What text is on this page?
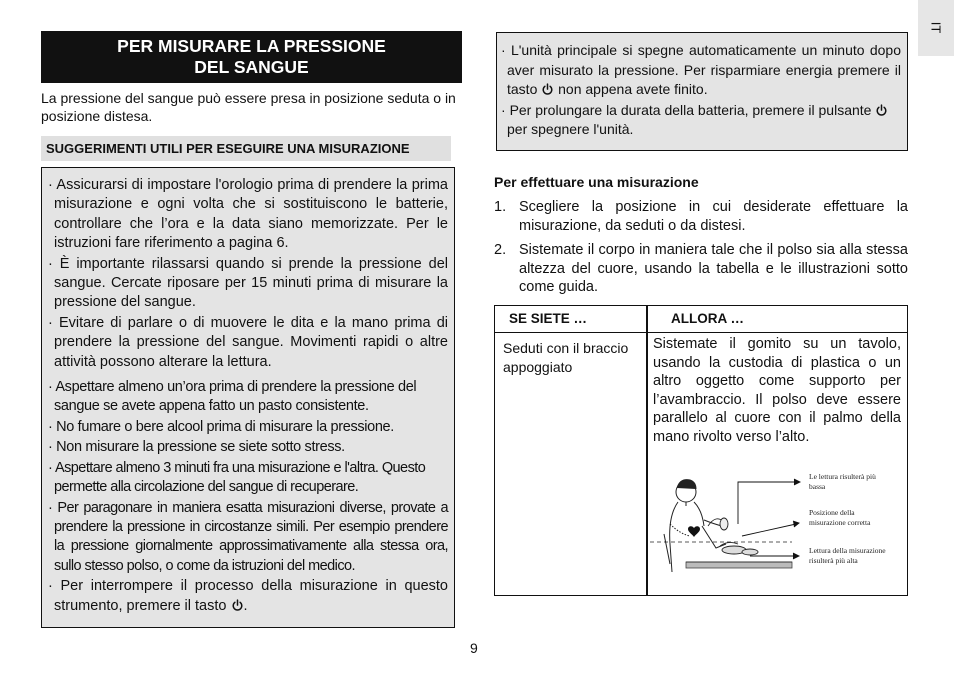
IT
PER MISURARE LA PRESSIONE
DEL SANGUE
La pressione del sangue può essere presa in posizione seduta o in posizione distesa.
SUGGERIMENTI UTILI PER ESEGUIRE UNA MISURAZIONE

· Assicurarsi di impostare l'orologio prima di prendere la prima misurazione e ogni volta che si sostituiscono le batterie, controllare che l’ora e la data siano memorizzate. Per le istruzioni fare riferimento a pagina 6.

· È importante rilassarsi quando si prende la pressione del sangue. Cercate riposare per 15 minuti prima di misurare la pressione del sangue.

· Evitare di parlare o di muovere le dita e la mano prima di prendere la pressione del sangue. Movimenti rapidi o altre attività possono alterare la lettura.

· Aspettare almeno un’ora prima di prendere la pressione del sangue se avete appena fatto un pasto consistente.

· No fumare o bere alcool prima di misurare la pressione.

· Non misurare la pressione se siete sotto stress.

· Aspettare almeno 3 minuti fra una misurazione e l'altra. Questo permette alla circolazione del sangue di recuperare.

· Per paragonare in maniera esatta misurazioni diverse, provate a prendere la pressione in circostanze simili. Per esempio prendere la pressione giornalmente approssimativamente alla stessa ora, sullo stesso polso, o come da istruzioni del medico.

· Per interrompere il processo della misurazione in questo strumento, premere il tasto .

· L'unità principale si spegne automaticamente un minuto dopo aver misurato la pressione. Per risparmiare energia premere il tasto non appena avete finito.

· Per prolungare la durata della batteria, premere il pulsante  per spegnere l'unità.

Per effettuare una misurazione
1. Scegliere la posizione in cui desiderate effettuare la misurazione, da seduti o da distesi.
2. Sistemate il corpo in maniera tale che il polso sia alla stessa altezza del cuore, usando la tabella e le illustrazioni sotto come guida.
SE SIETE …	ALLORA …
Seduti con il braccio appoggiato
Sistemate il gomito su un tavolo, usando la custodia di plastica o un altro oggetto come supporto per l’avambraccio. Il polso deve essere parallelo al cuore con il palmo della mano rivolto verso l’alto.
Le lettura risulterà più
bassa
Posizione della
misurazione corretta
Lettura della misurazione
risulterà più alta
9
